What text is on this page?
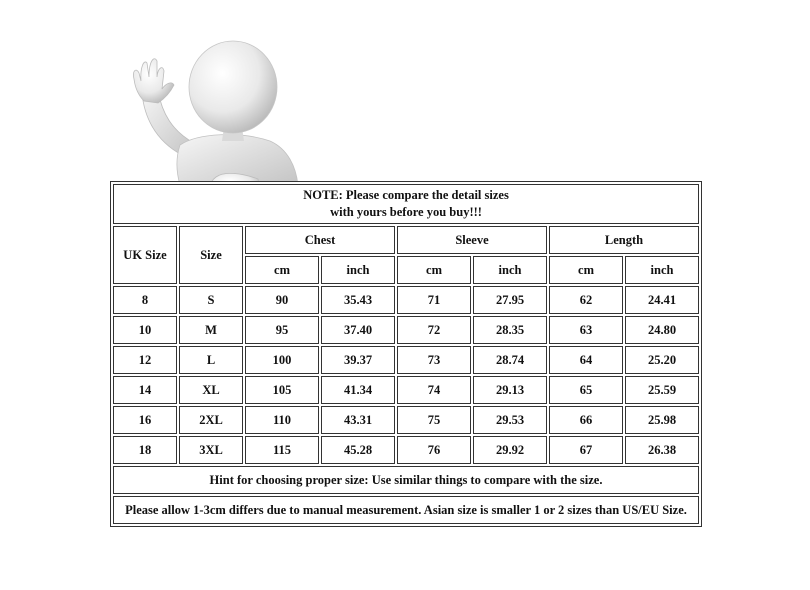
NOTE: Please compare the detail sizes
with yours before you buy!!!							

UK Size	Size	Chest		Sleeve		Length	
		cm	inch	cm	inch	cm	inch
8	S	90	35.43	71	27.95	62	24.41
10	M	95	37.40	72	28.35	63	24.80
12	L	100	39.37	73	28.74	64	25.20
14	XL	105	41.34	74	29.13	65	25.59
16	2XL	110	43.31	75	29.53	66	25.98
18	3XL	115	45.28	76	29.92	67	26.38
Hint for choosing proper size: Use similar things to compare with the size.							
Please allow 1-3cm differs due to manual measurement. Asian size is smaller 1 or 2 sizes than US/EU Size.							
